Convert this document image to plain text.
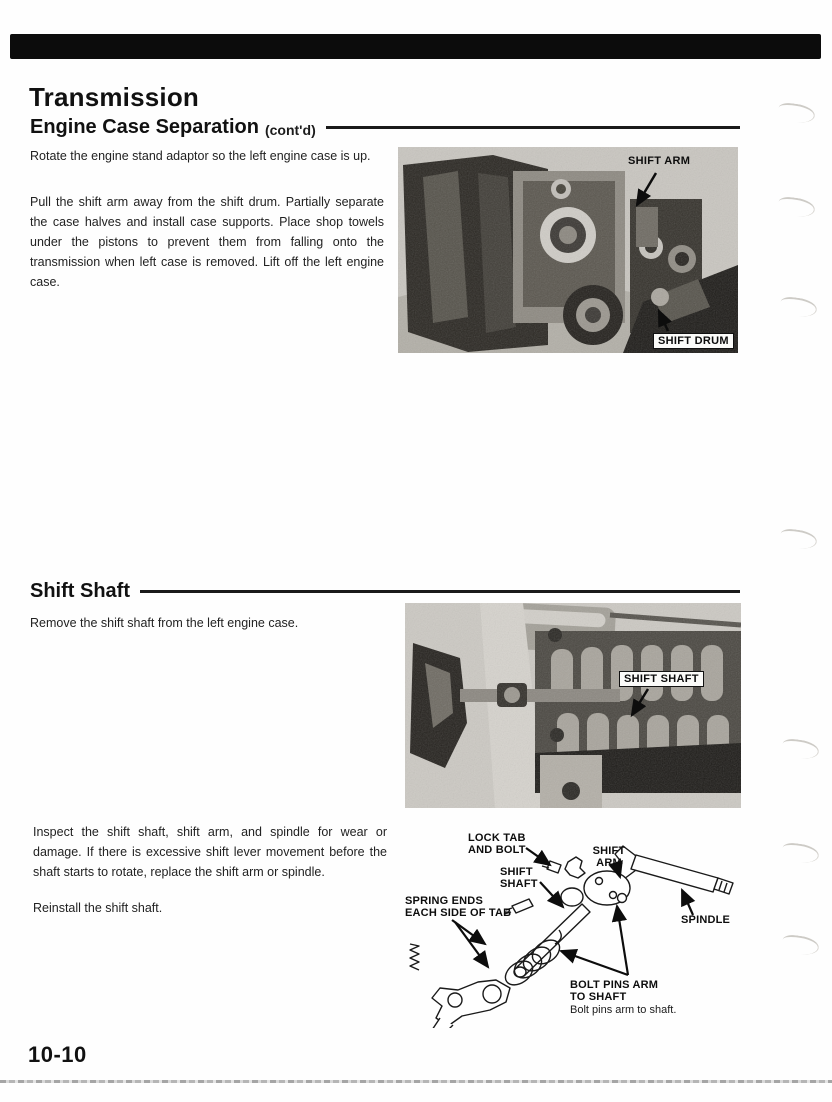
Transmission
Engine Case Separation (cont'd)

Rotate the engine stand adaptor so the left engine case is up.

Pull the shift arm away from the shift drum. Partially separate the case halves and install case supports. Place shop towels under the pistons to prevent them from falling onto the transmission when left case is removed. Lift off the left engine case.

SHIFT ARM
SHIFT DRUM
Shift Shaft

Remove the shift shaft from the left engine case.

SHIFT SHAFT

Inspect the shift shaft, shift arm, and spindle for wear or damage. If there is excessive shift lever movement before the shaft starts to rotate, replace the shift arm or spindle.

Reinstall the shift shaft.

LOCK TAB
AND BOLT	SHIFT
ARM
SHIFT
SHAFT
SPRING ENDS
EACH SIDE OF TAB
SPINDLE
BOLT PINS ARM
TO SHAFT
Bolt pins arm to shaft.
10-10
